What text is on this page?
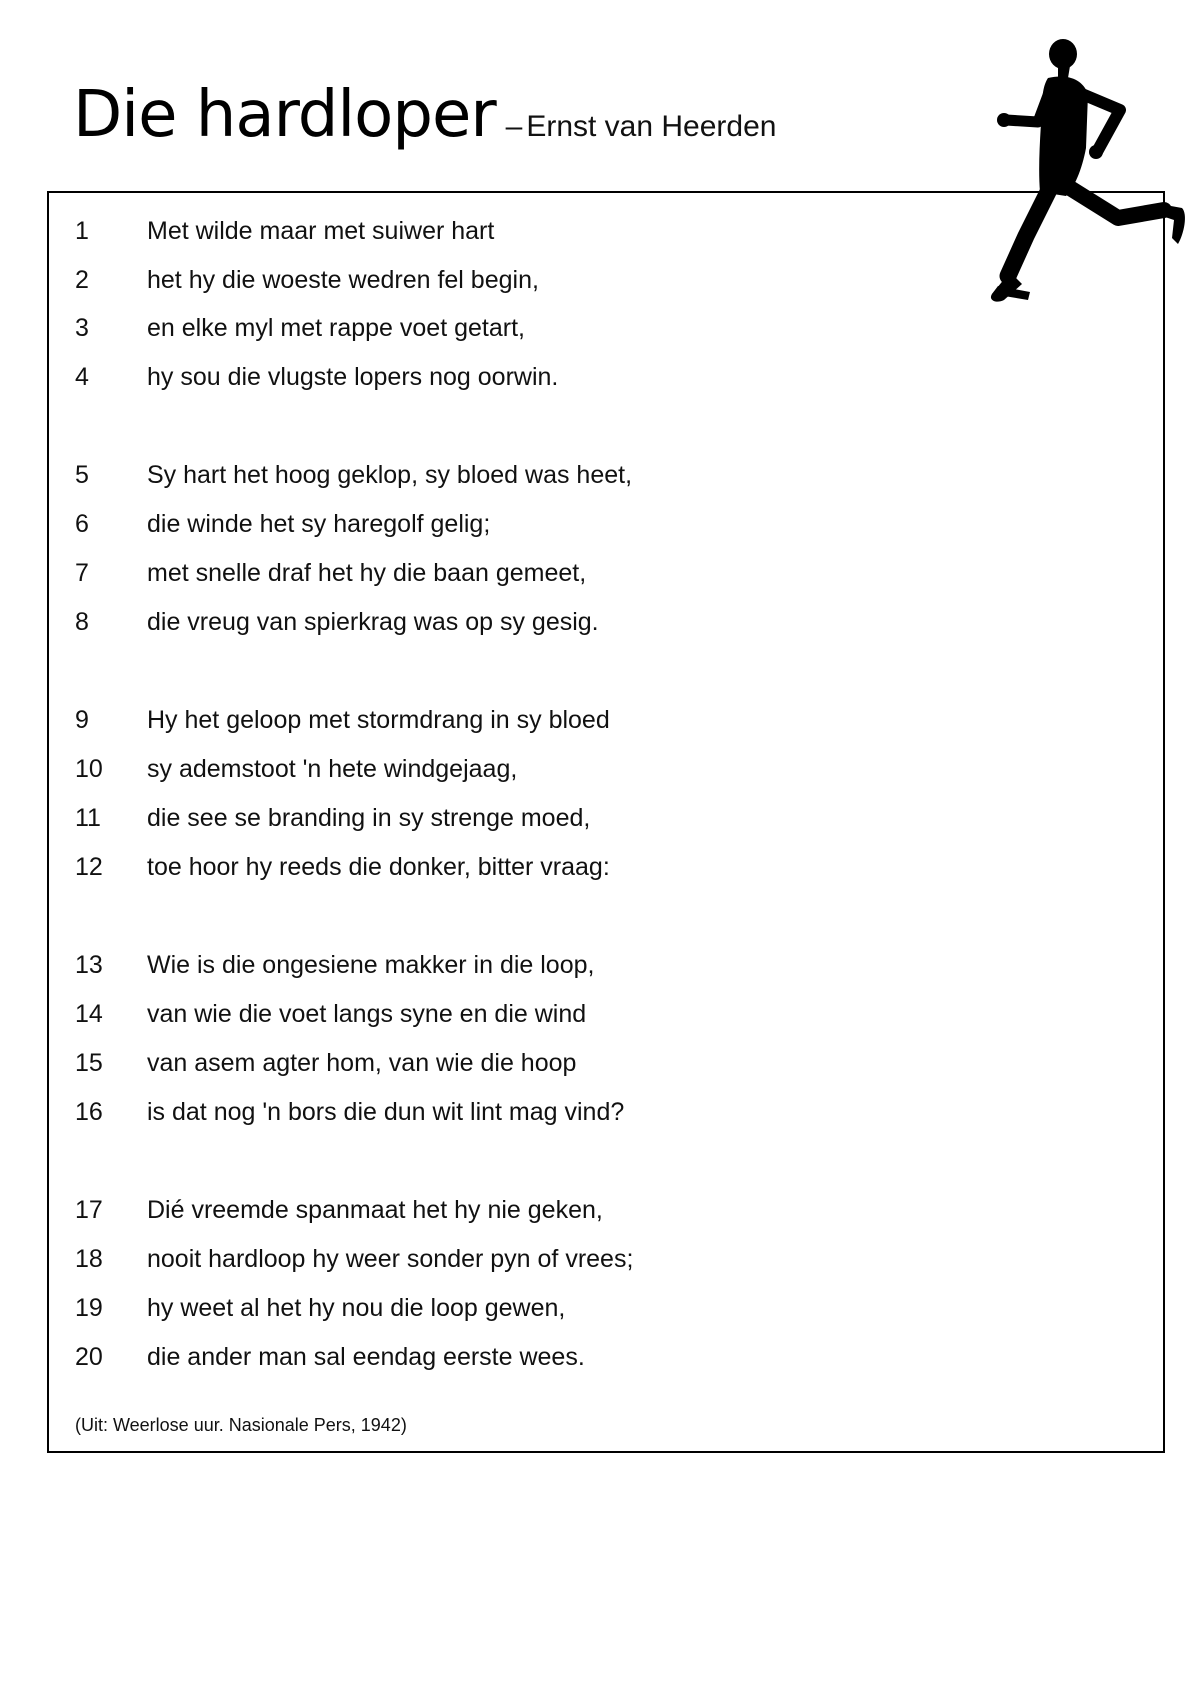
Die hardloper – Ernst van Heerden
1	Met wilde maar met suiwer hart
2	het hy die woeste wedren fel begin,
3	en elke myl met rappe voet getart,
4	hy sou die vlugste lopers nog oorwin.
5	Sy hart het hoog geklop, sy bloed was heet,
6	die winde het sy haregolf gelig;
7	met snelle draf het hy die baan gemeet,
8	die vreug van spierkrag was op sy gesig.
9	Hy het geloop met stormdrang in sy bloed
10	sy ademstoot 'n hete windgejaag,
11	die see se branding in sy strenge moed,
12	toe hoor hy reeds die donker, bitter vraag:
13	Wie is die ongesiene makker in die loop,
14	van wie die voet langs syne en die wind
15	van asem agter hom, van wie die hoop
16	is dat nog 'n bors die dun wit lint mag vind?
17	Dié vreemde spanmaat het hy nie geken,
18	nooit hardloop hy weer sonder pyn of vrees;
19	hy weet al het hy nou die loop gewen,
20	die ander man sal eendag eerste wees.
(Uit: Weerlose uur. Nasionale Pers, 1942)
